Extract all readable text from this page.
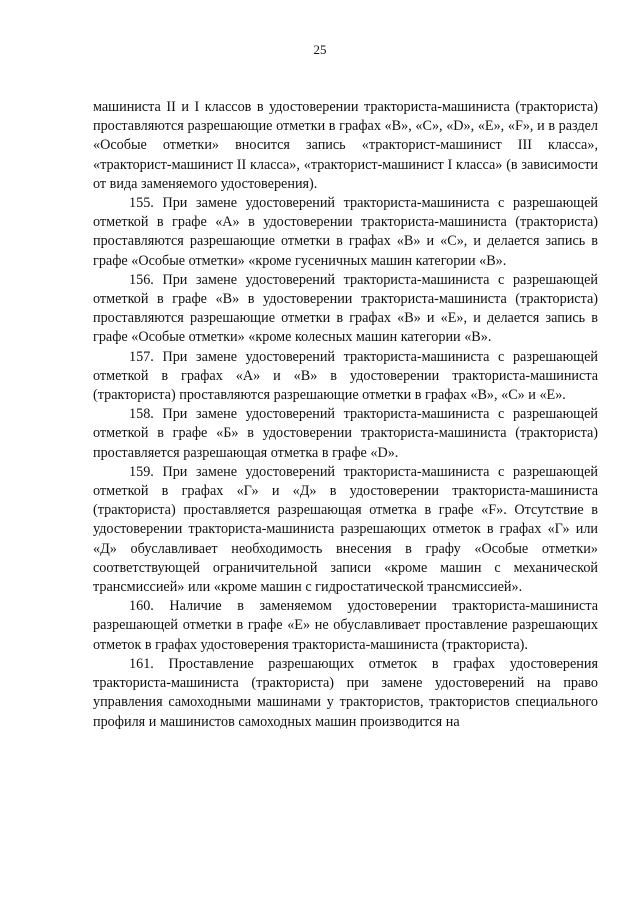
25

машиниста II и I классов в удостоверении тракториста-машиниста (тракториста) проставляются разрешающие отметки в графах «В», «С», «D», «Е», «F», и в раздел «Особые отметки» вносится запись «тракторист-машинист III класса», «тракторист-машинист II класса», «тракторист-машинист I класса» (в зависимости от вида заменяемого удостоверения).

155. При замене удостоверений тракториста-машиниста с разрешающей отметкой в графе «А» в удостоверении тракториста-машиниста (тракториста) проставляются разрешающие отметки в графах «В» и «С», и делается запись в графе «Особые отметки» «кроме гусеничных машин категории «В».

156. При замене удостоверений тракториста-машиниста с разрешающей отметкой в графе «В» в удостоверении тракториста-машиниста (тракториста) проставляются разрешающие отметки в графах «В» и «Е», и делается запись в графе «Особые отметки» «кроме колесных машин категории «В».

157. При замене удостоверений тракториста-машиниста с разрешающей отметкой в графах «А» и «В» в удостоверении тракториста-машиниста (тракториста) проставляются разрешающие отметки в графах «В», «С» и «Е».

158. При замене удостоверений тракториста-машиниста с разрешающей отметкой в графе «Б» в удостоверении тракториста-машиниста (тракториста) проставляется разрешающая отметка в графе «D».

159. При замене удостоверений тракториста-машиниста с разрешающей отметкой в графах «Г» и «Д» в удостоверении тракториста-машиниста (тракториста) проставляется разрешающая отметка в графе «F». Отсутствие в удостоверении тракториста-машиниста разрешающих отметок в графах «Г» или «Д» обуславливает необходимость внесения в графу «Особые отметки» соответствующей ограничительной записи «кроме машин с механической трансмиссией» или «кроме машин с гидростатической трансмиссией».

160. Наличие в заменяемом удостоверении тракториста-машиниста разрешающей отметки в графе «Е» не обуславливает проставление разрешающих отметок в графах удостоверения тракториста-машиниста (тракториста).

161. Проставление разрешающих отметок в графах удостоверения тракториста-машиниста (тракториста) при замене удостоверений на право управления самоходными машинами у трактористов, трактористов специального профиля и машинистов самоходных машин производится на
